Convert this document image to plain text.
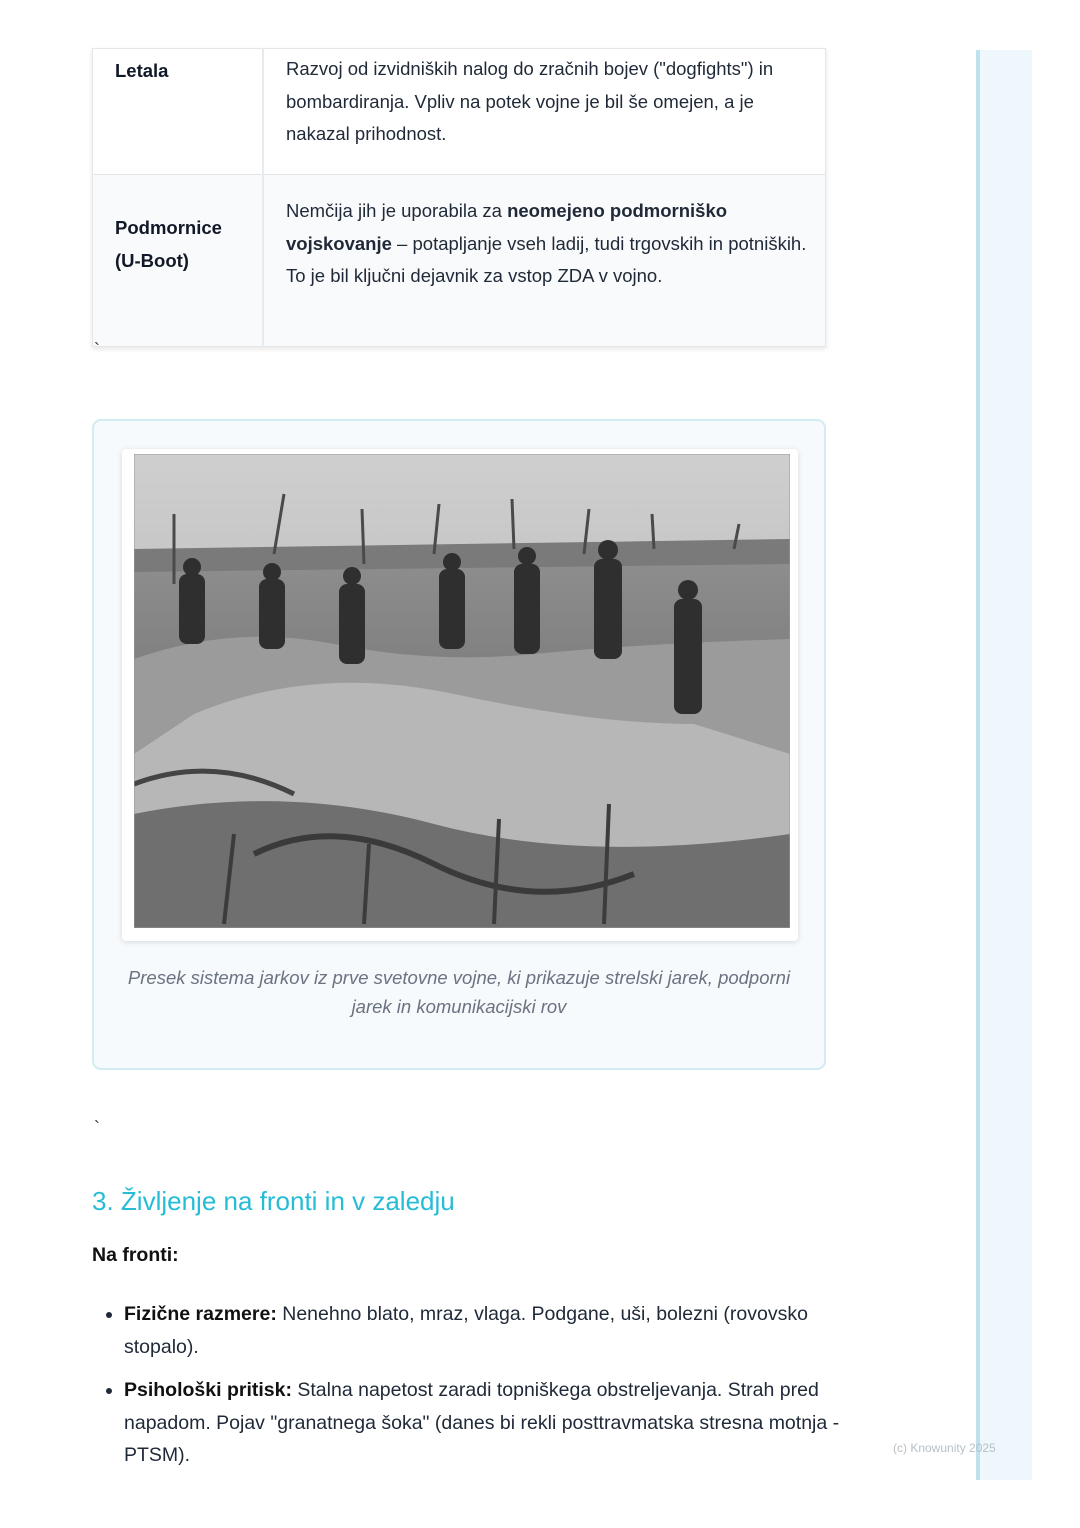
Letala	Razvoj od izvidniških nalog do zračnih bojev ("dogfights") in bombardiranja. Vpliv na potek vojne je bil še omejen, a je nakazal prihodnost.
Podmornice
(U-Boot)	Nemčija jih je uporabila za neomejeno podmorniško vojskovanje – potapljanje vseh ladij, tudi trgovskih in potniških. To je bil ključni dejavnik za vstop ZDA v vojno.
`
Presek sistema jarkov iz prve svetovne vojne, ki prikazuje strelski jarek, podporni jarek in komunikacijski rov
`
3. Življenje na fronti in v zaledju
Na fronti:
• Fizične razmere: Nenehno blato, mraz, vlaga. Podgane, uši, bolezni (rovovsko stopalo).
• Psihološki pritisk: Stalna napetost zaradi topniškega obstreljevanja. Strah pred napadom. Pojav "granatnega šoka" (danes bi rekli posttravmatska stresna motnja - PTSM).	(c) Knowunity 2025
